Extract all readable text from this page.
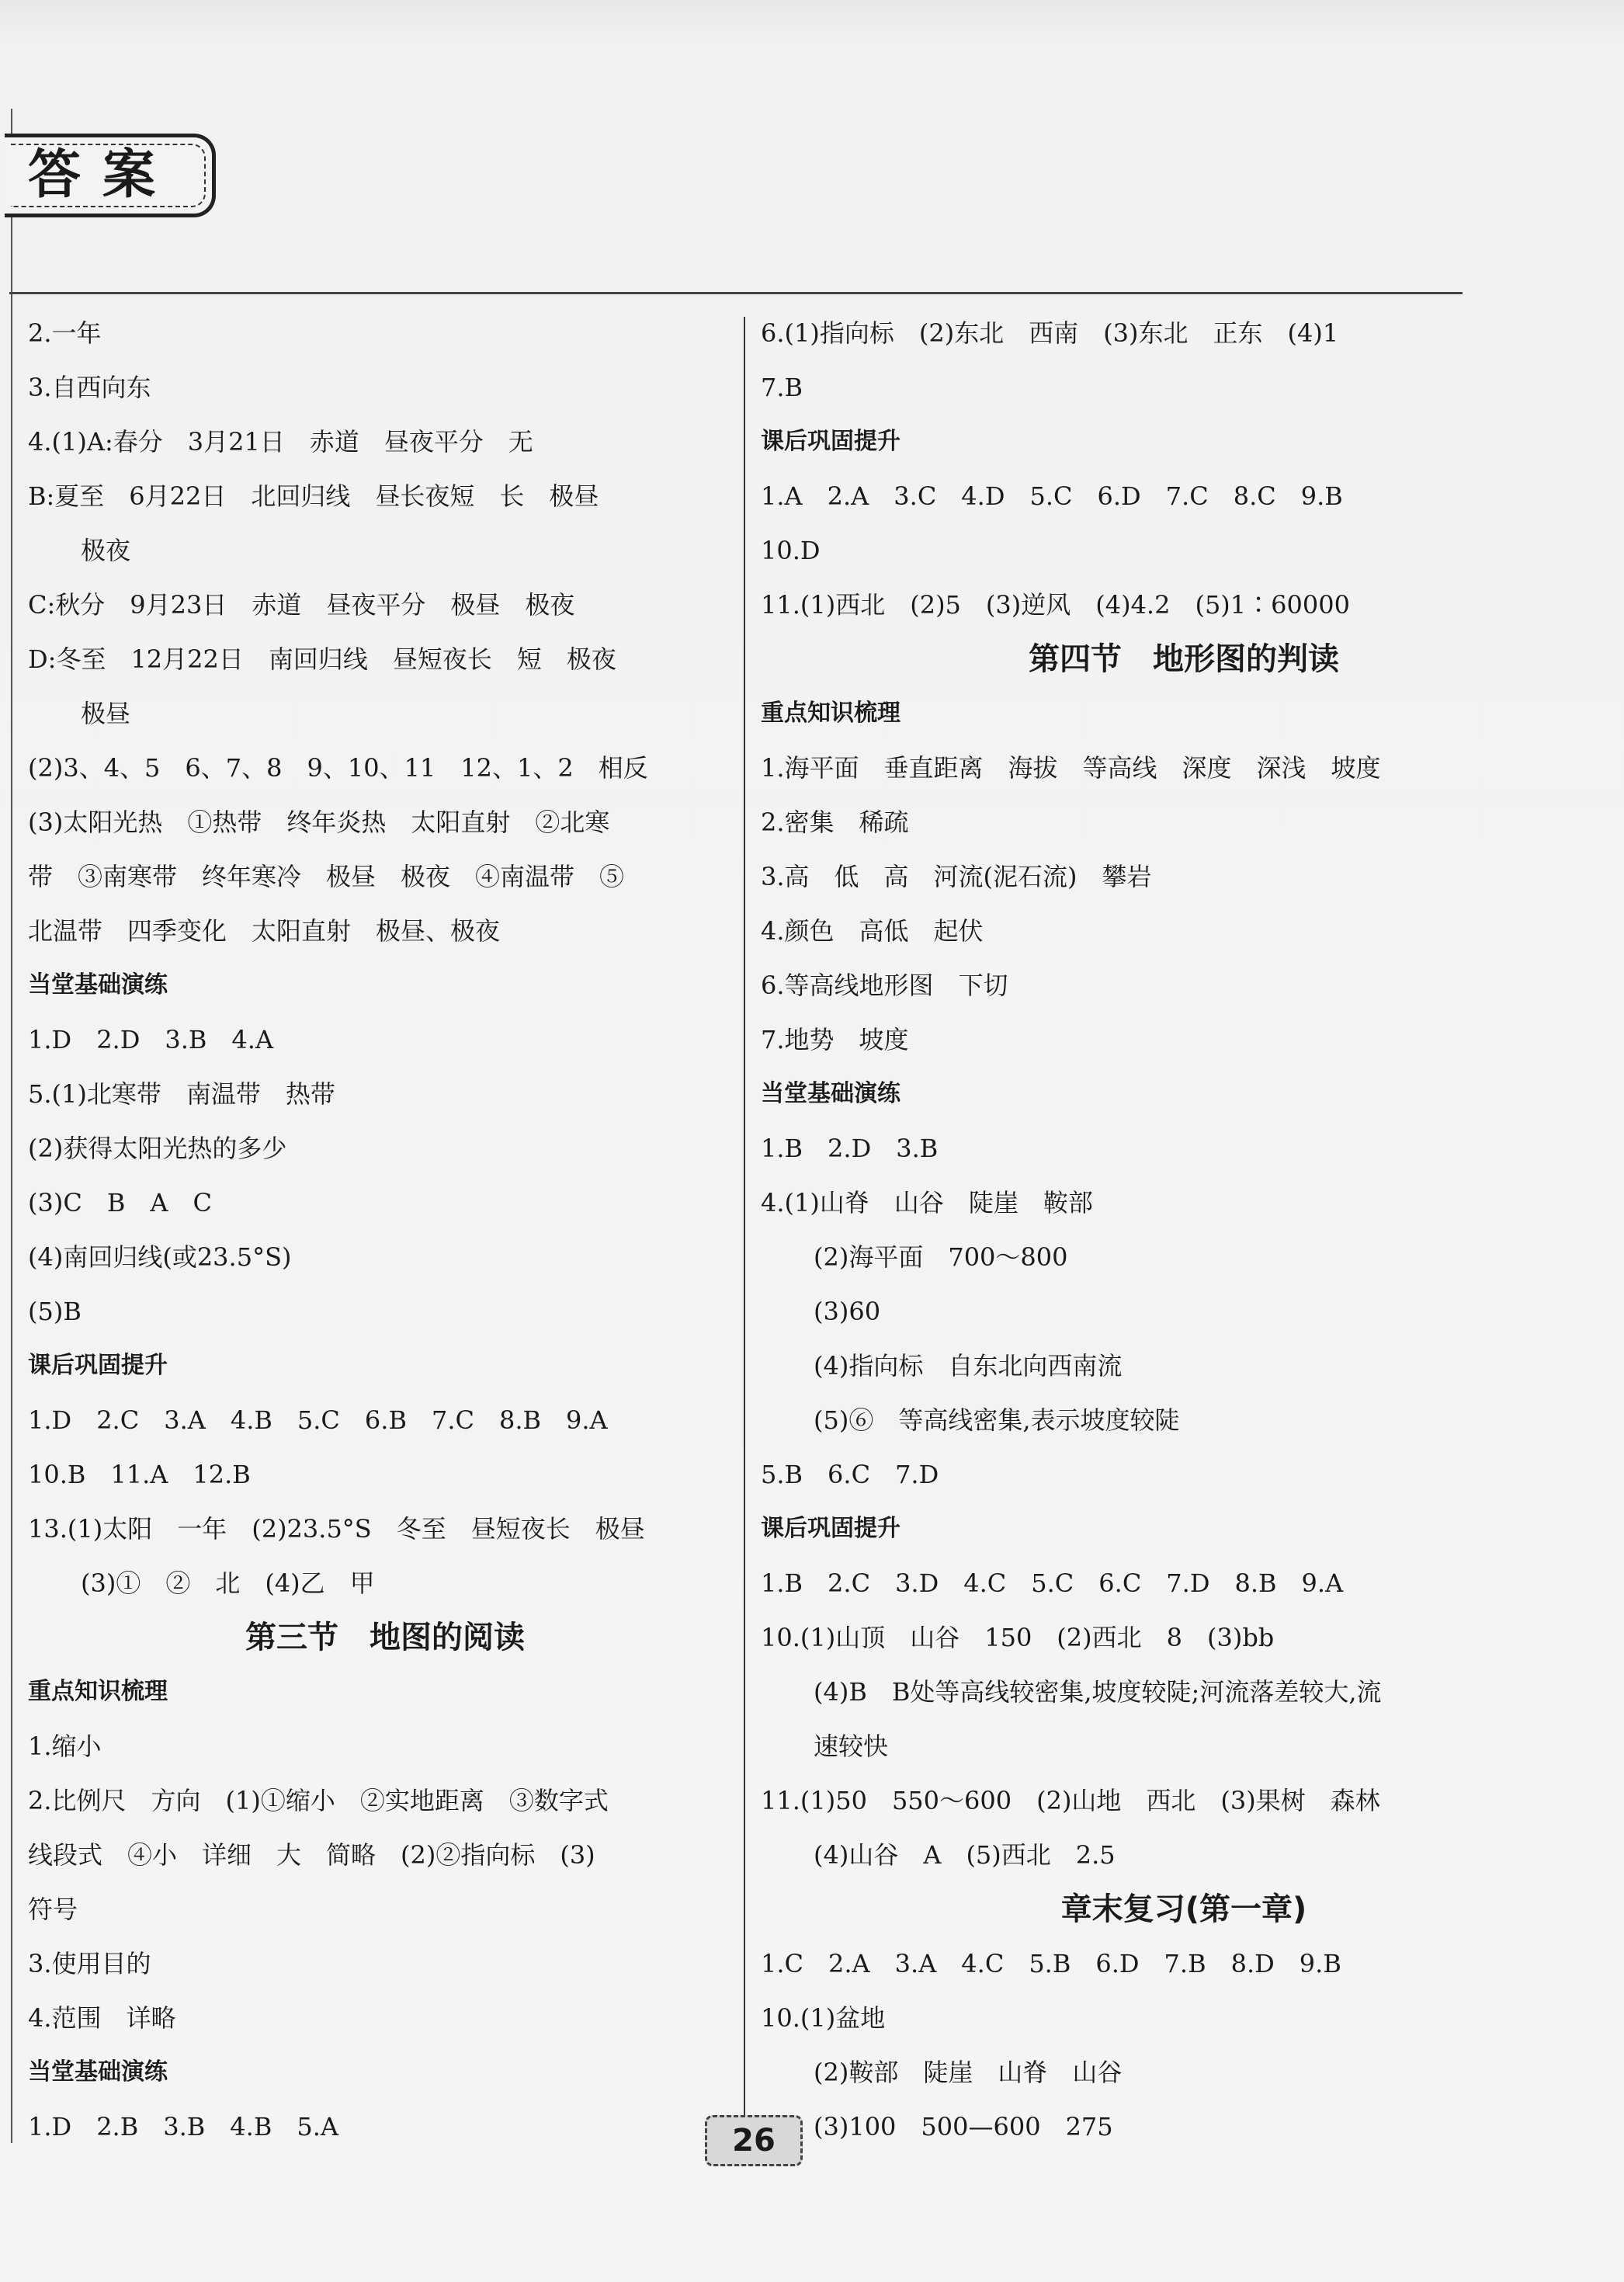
答案
2.一年
3.自西向东
4.(1)A:春分　3月21日　赤道　昼夜平分　无
B:夏至　6月22日　北回归线　昼长夜短　长　极昼
极夜
C:秋分　9月23日　赤道　昼夜平分　极昼　极夜
D:冬至　12月22日　南回归线　昼短夜长　短　极夜
极昼
(2)3、4、5　6、7、8　9、10、11　12、1、2　相反
(3)太阳光热　①热带　终年炎热　太阳直射　②北寒
带　③南寒带　终年寒冷　极昼　极夜　④南温带　⑤
北温带　四季变化　太阳直射　极昼、极夜
当堂基础演练
1.D　2.D　3.B　4.A
5.(1)北寒带　南温带　热带
(2)获得太阳光热的多少
(3)C　B　A　C
(4)南回归线(或23.5°S)
(5)B
课后巩固提升
1.D　2.C　3.A　4.B　5.C　6.B　7.C　8.B　9.A
10.B　11.A　12.B
13.(1)太阳　一年　(2)23.5°S　冬至　昼短夜长　极昼
(3)①　②　北　(4)乙　甲
第三节　地图的阅读
重点知识梳理
1.缩小
2.比例尺　方向　(1)①缩小　②实地距离　③数字式
线段式　④小　详细　大　简略　(2)②指向标　(3)
符号
3.使用目的
4.范围　详略
当堂基础演练
1.D　2.B　3.B　4.B　5.A
6.(1)指向标　(2)东北　西南　(3)东北　正东　(4)1
7.B
课后巩固提升
1.A　2.A　3.C　4.D　5.C　6.D　7.C　8.C　9.B
10.D
11.(1)西北　(2)5　(3)逆风　(4)4.2　(5)1∶60000
第四节　地形图的判读
重点知识梳理
1.海平面　垂直距离　海拔　等高线　深度　深浅　坡度
2.密集　稀疏
3.高　低　高　河流(泥石流)　攀岩
4.颜色　高低　起伏
6.等高线地形图　下切
7.地势　坡度
当堂基础演练
1.B　2.D　3.B
4.(1)山脊　山谷　陡崖　鞍部
(2)海平面　700～800
(3)60
(4)指向标　自东北向西南流
(5)⑥　等高线密集,表示坡度较陡
5.B　6.C　7.D
课后巩固提升
1.B　2.C　3.D　4.C　5.C　6.C　7.D　8.B　9.A
10.(1)山顶　山谷　150　(2)西北　8　(3)bb
(4)B　B处等高线较密集,坡度较陡;河流落差较大,流
速较快
11.(1)50　550～600　(2)山地　西北　(3)果树　森林
(4)山谷　A　(5)西北　2.5
章末复习(第一章)
1.C　2.A　3.A　4.C　5.B　6.D　7.B　8.D　9.B
10.(1)盆地
(2)鞍部　陡崖　山脊　山谷
(3)100　500—600　275
26
